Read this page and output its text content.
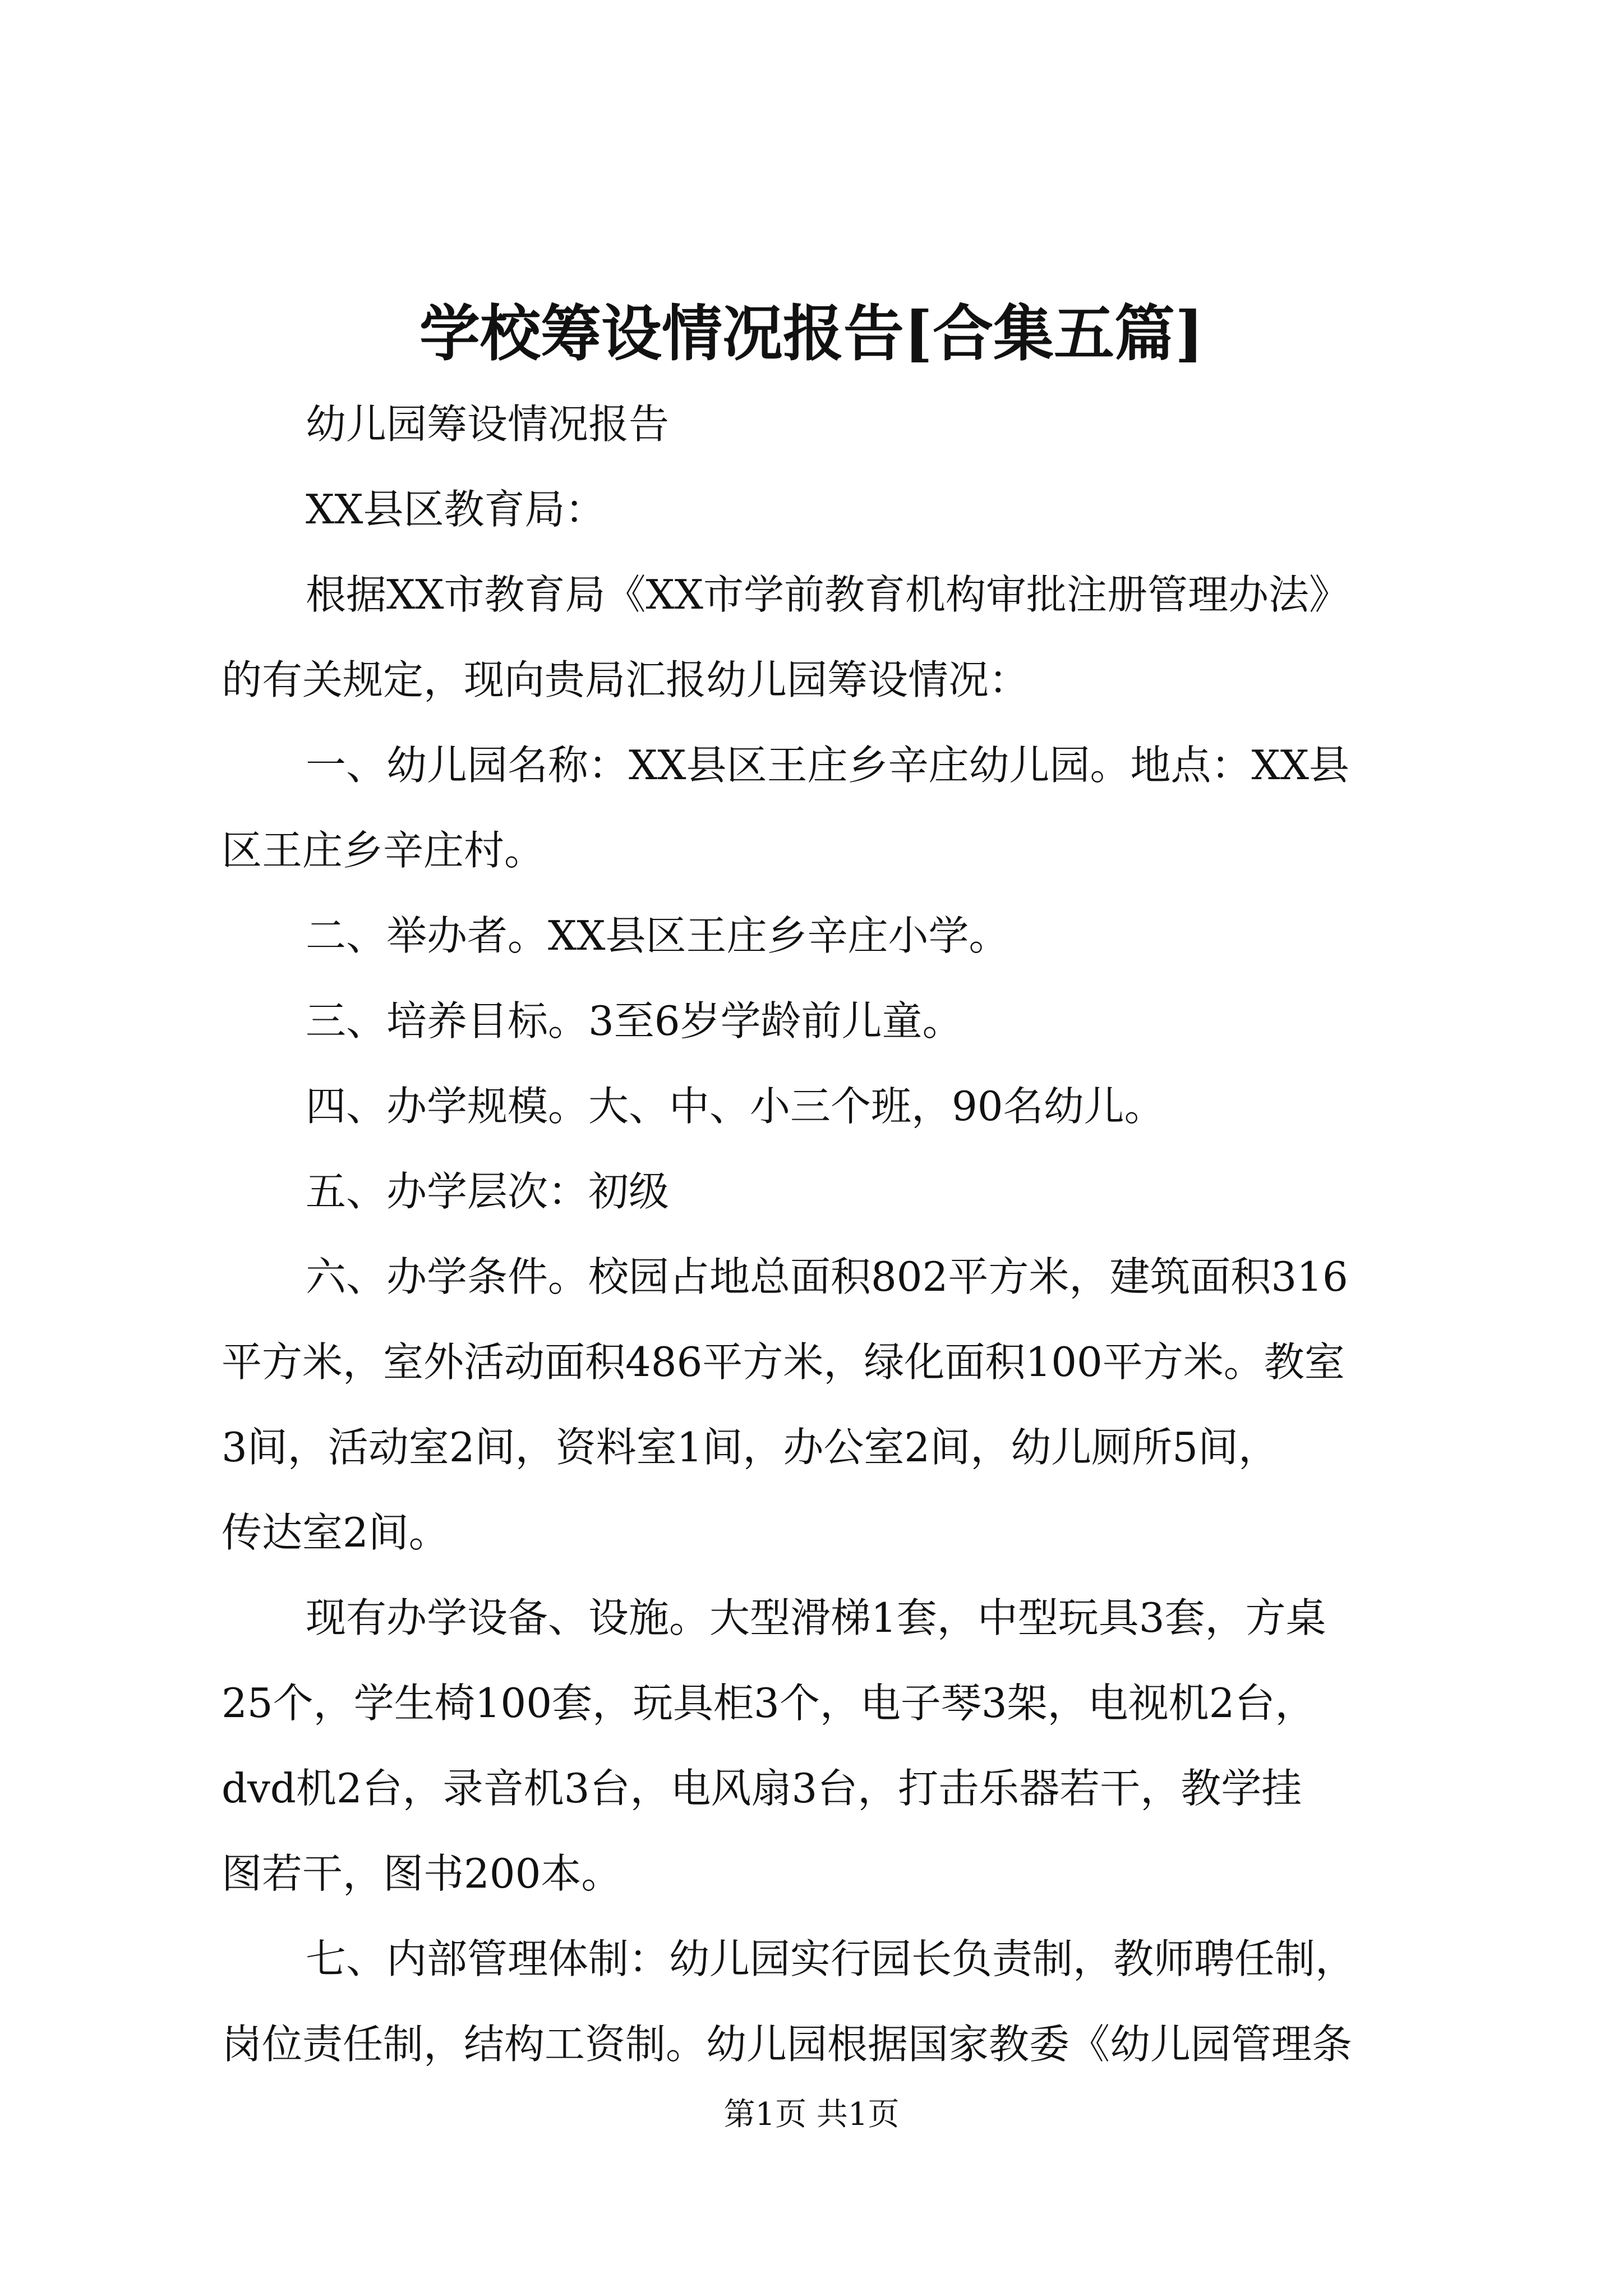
学校筹设情况报告[合集五篇]
幼儿园筹设情况报告
XX县区教育局：
根据XX市教育局《XX市学前教育机构审批注册管理办法》
的有关规定，现向贵局汇报幼儿园筹设情况：
一、幼儿园名称：XX县区王庄乡辛庄幼儿园。地点：XX县
区王庄乡辛庄村。
二、举办者。XX县区王庄乡辛庄小学。
三、培养目标。3至6岁学龄前儿童。
四、办学规模。大、中、小三个班，90名幼儿。
五、办学层次：初级
六、办学条件。校园占地总面积802平方米，建筑面积316
平方米，室外活动面积486平方米，绿化面积100平方米。教室
3间，活动室2间，资料室1间，办公室2间，幼儿厕所5间，
传达室2间。
现有办学设备、设施。大型滑梯1套，中型玩具3套，方桌
25个，学生椅100套，玩具柜3个，电子琴3架，电视机2台，
dvd机2台，录音机3台，电风扇3台，打击乐器若干，教学挂
图若干，图书200本。
七、内部管理体制：幼儿园实行园长负责制，教师聘任制，
岗位责任制，结构工资制。幼儿园根据国家教委《幼儿园管理条
第1页 共1页
